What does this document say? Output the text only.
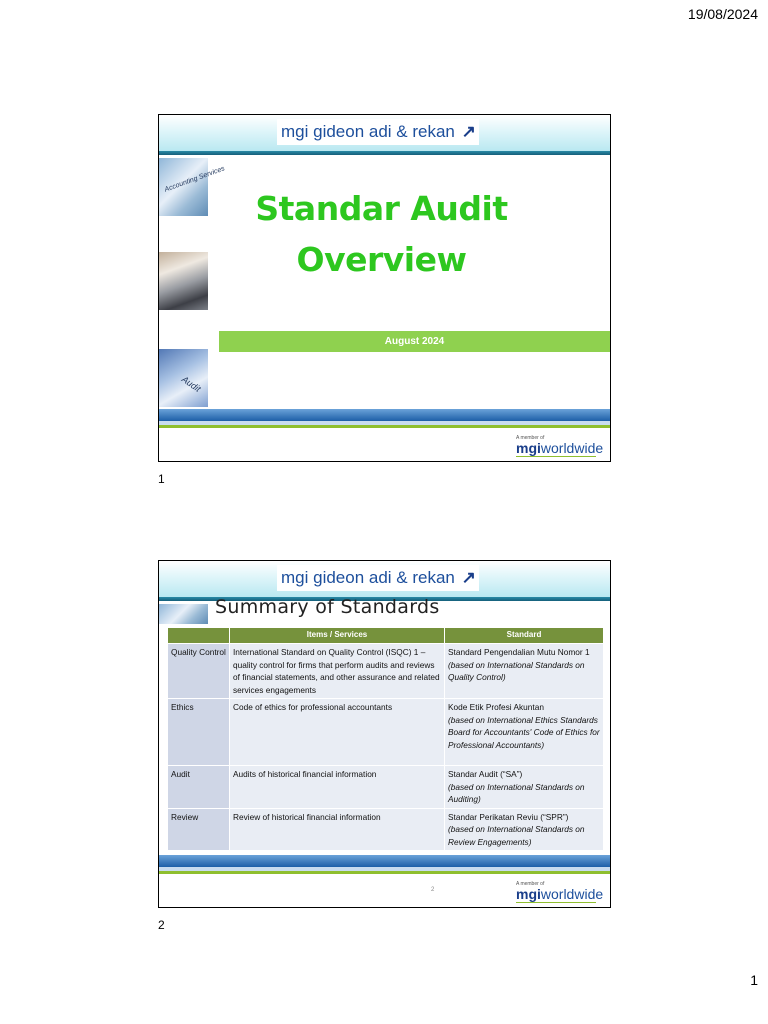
19/08/2024
mgi gideon adi & rekan ↗
Accounting Services
Audit
Standar Audit
Overview
August 2024
A member of
mgiworldwide
1
mgi gideon adi & rekan ↗
Summary of Standards
	Items / Services	Standard
Quality Control	International Standard on Quality Control (ISQC) 1 – quality control for firms that perform audits and reviews of financial statements, and other assurance and related services engagements	Standard Pengendalian Mutu Nomor 1
(based on International Standards on Quality Control)

Ethics	Code of ethics for professional accountants	Kode Etik Profesi Akuntan
(based on International Ethics Standards Board for Accountants' Code of Ethics for Professional Accountants)

Audit	Audits of historical financial information	Standar Audit (“SA”)
(based on International Standards on Auditing)

Review	Review of historical financial information	Standar Perikatan Reviu (“SPR”)
(based on International Standards on Review Engagements)
2
A member of
mgiworldwide
2
1
